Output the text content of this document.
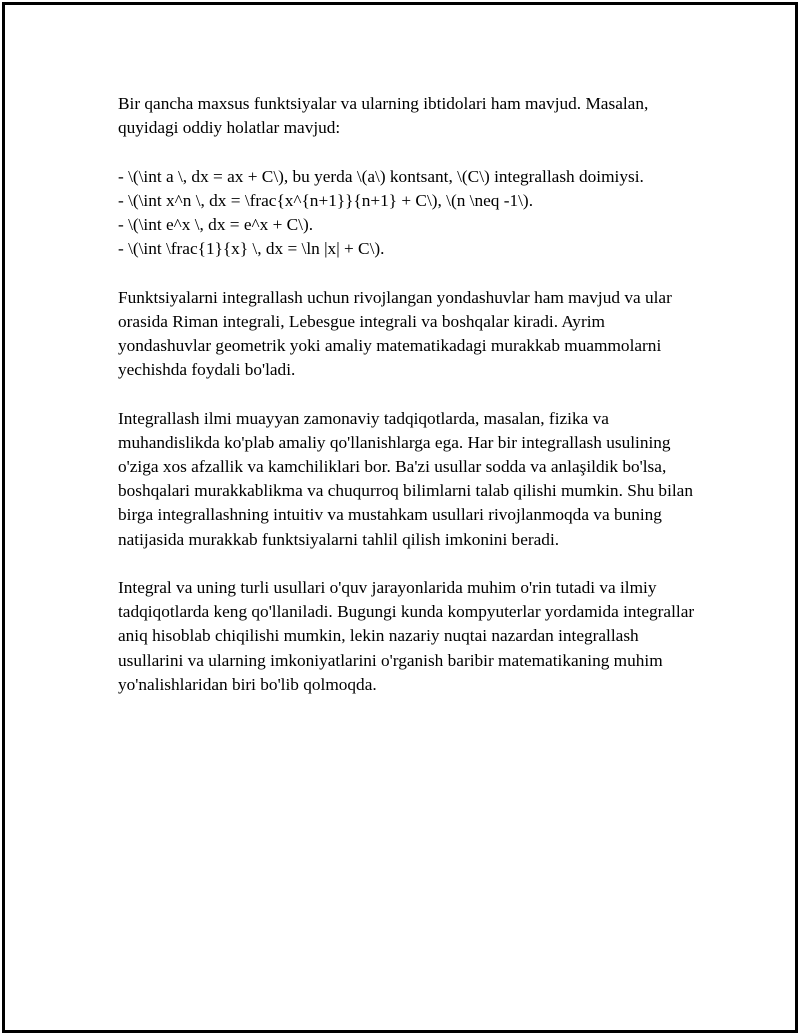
Bir qancha maxsus funktsiyalar va ularning ibtidolari ham mavjud. Masalan, quyidagi oddiy holatlar mavjud:

- \(\int a \, dx = ax + C\), bu yerda \(a\) kontsant, \(C\) integrallash doimiysi.
- \(\int x^n \, dx = \frac{x^{n+1}}{n+1} + C\), \(n \neq -1\).
- \(\int e^x \, dx = e^x + C\).
- \(\int \frac{1}{x} \, dx = \ln |x| + C\).

Funktsiyalarni integrallash uchun rivojlangan yondashuvlar ham mavjud va ular orasida Riman integrali, Lebesgue integrali va boshqalar kiradi. Ayrim yondashuvlar geometrik yoki amaliy matematikadagi murakkab muammolarni yechishda foydali bo'ladi.

Integrallash ilmi muayyan zamonaviy tadqiqotlarda, masalan, fizika va muhandislikda ko'plab amaliy qo'llanishlarga ega. Har bir integrallash usulining o'ziga xos afzallik va kamchiliklari bor. Ba'zi usullar sodda va anlaşildik bo'lsa, boshqalari murakkablikma va chuqurroq bilimlarni talab qilishi mumkin. Shu bilan birga integrallashning intuitiv va mustahkam usullari rivojlanmoqda va buning natijasida murakkab funktsiyalarni tahlil qilish imkonini beradi.

Integral va uning turli usullari o'quv jarayonlarida muhim o'rin tutadi va ilmiy tadqiqotlarda keng qo'llaniladi. Bugungi kunda kompyuterlar yordamida integrallar aniq hisoblab chiqilishi mumkin, lekin nazariy nuqtai nazardan integrallash usullarini va ularning imkoniyatlarini o'rganish baribir matematikaning muhim yo'nalishlaridan biri bo'lib qolmoqda.
